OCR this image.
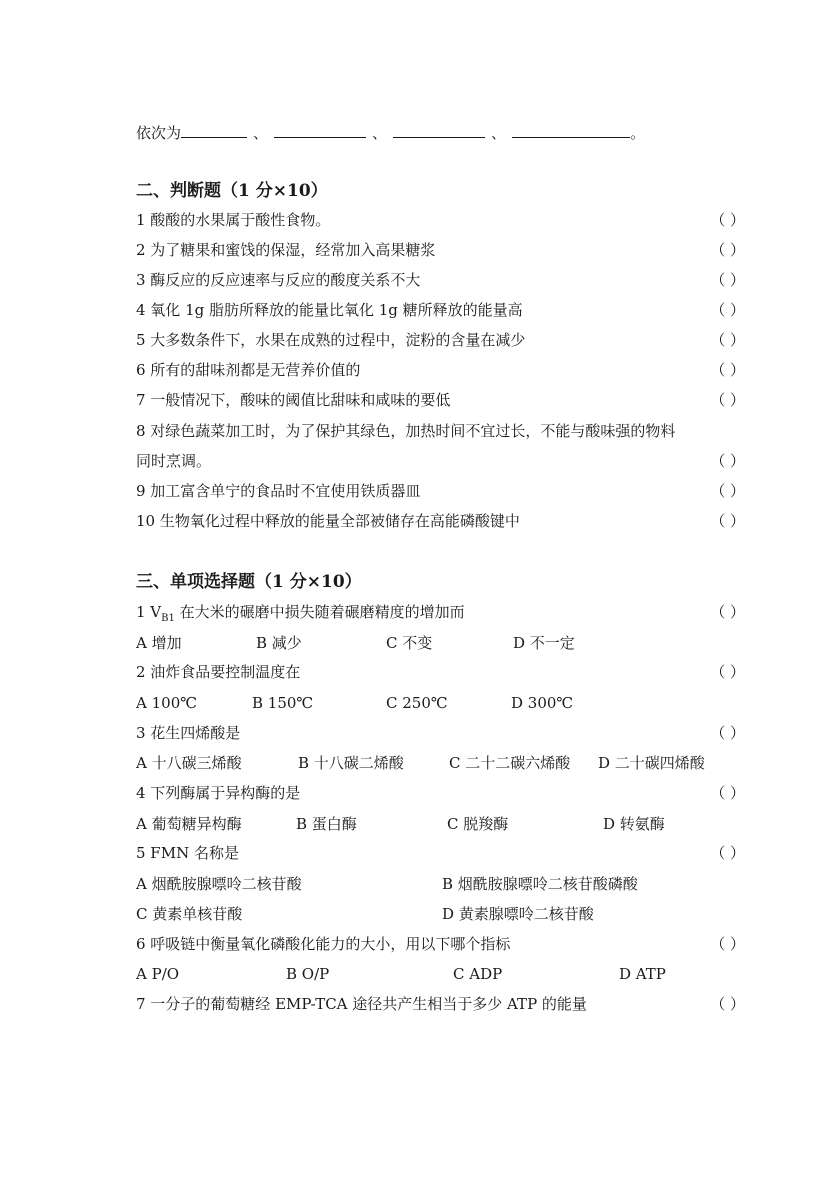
依次为	、	、	、	。
二、判断题（1 分×10）
1 酸酸的水果属于酸性食物。	（ ）
2 为了糖果和蜜饯的保湿，经常加入高果糖浆	（ ）
3 酶反应的反应速率与反应的酸度关系不大	（ ）
4 氧化 1g 脂肪所释放的能量比氧化 1g 糖所释放的能量高	（ ）
5 大多数条件下，水果在成熟的过程中，淀粉的含量在减少	（ ）
6 所有的甜味剂都是无营养价值的	（ ）
7 一般情况下，酸味的阈值比甜味和咸味的要低	（ ）
8 对绿色蔬菜加工时，为了保护其绿色，加热时间不宜过长，不能与酸味强的物料
同时烹调。	（ ）
9 加工富含单宁的食品时不宜使用铁质器皿	（ ）
10 生物氧化过程中释放的能量全部被储存在高能磷酸键中	（ ）
三、单项选择题（1 分×10）
1 $V_{B1}$ 在大米的碾磨中损失随着碾磨精度的增加而	（ ）
A 增加	B 减少	C 不变	D 不一定
2 油炸食品要控制温度在	（ ）
A 100℃	B 150℃	C 250℃	D 300℃
3 花生四烯酸是	（ ）
A 十八碳三烯酸	B 十八碳二烯酸	C 二十二碳六烯酸 D 二十碳四烯酸
4 下列酶属于异构酶的是	（ ）
A 葡萄糖异构酶	B 蛋白酶	C 脱羧酶	D 转氨酶
5 FMN 名称是	（ ）
A 烟酰胺腺嘌呤二核苷酸	B 烟酰胺腺嘌呤二核苷酸磷酸
C 黄素单核苷酸	D 黄素腺嘌呤二核苷酸
6 呼吸链中衡量氧化磷酸化能力的大小，用以下哪个指标	（ ）
A P/O	B O/P	C ADP	D ATP
7 一分子的葡萄糖经 EMP-TCA 途径共产生相当于多少 ATP 的能量	（ ）
